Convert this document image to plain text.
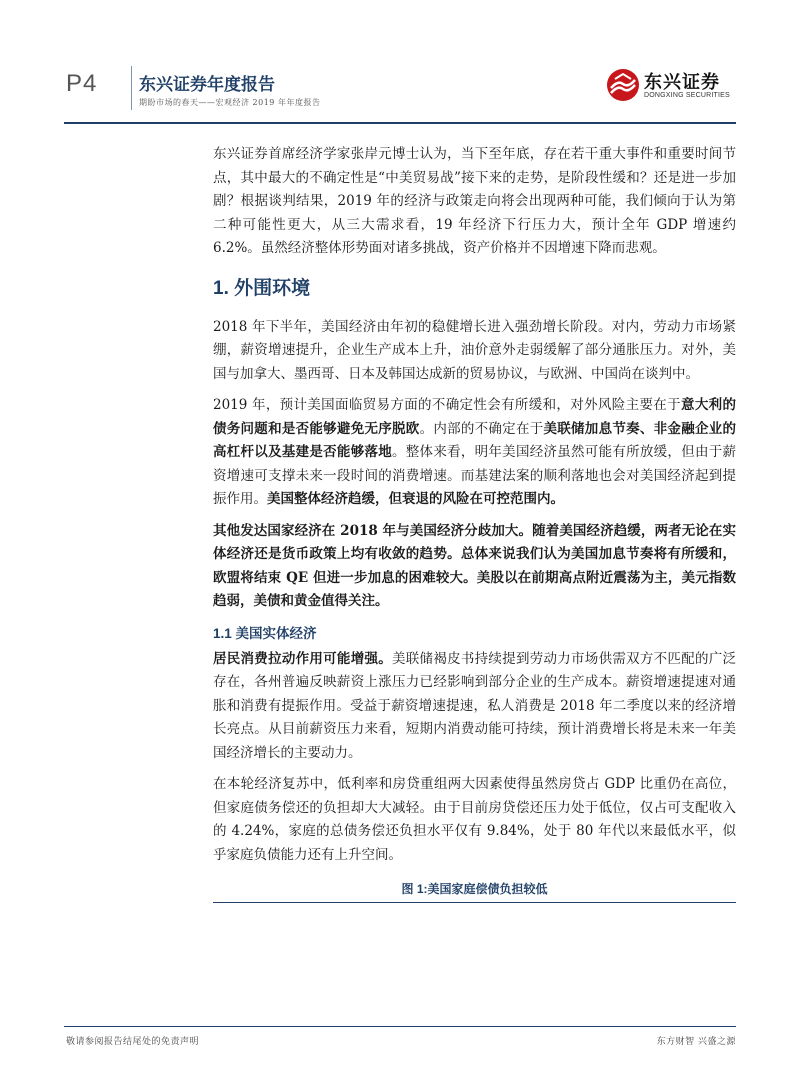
P4 东兴证券年度报告
期盼市场的春天——宏观经济 2019 年年度报告
东兴证券
DONGXING SECURITIES

东兴证券首席经济学家张岸元博士认为，当下至年底，存在若干重大事件和重要时间节点，其中最大的不确定性是“中美贸易战”接下来的走势，是阶段性缓和？还是进一步加剧？根据谈判结果，2019 年的经济与政策走向将会出现两种可能，我们倾向于认为第二种可能性更大，从三大需求看，19 年经济下行压力大，预计全年 GDP 增速约 6.2%。虽然经济整体形势面对诸多挑战，资产价格并不因增速下降而悲观。

1. 外围环境

2018 年下半年，美国经济由年初的稳健增长进入强劲增长阶段。对内，劳动力市场紧绷，薪资增速提升，企业生产成本上升，油价意外走弱缓解了部分通胀压力。对外，美国与加拿大、墨西哥、日本及韩国达成新的贸易协议，与欧洲、中国尚在谈判中。

2019 年，预计美国面临贸易方面的不确定性会有所缓和，对外风险主要在于意大利的债务问题和是否能够避免无序脱欧。内部的不确定在于美联储加息节奏、非金融企业的高杠杆以及基建是否能够落地。整体来看，明年美国经济虽然可能有所放缓，但由于薪资增速可支撑未来一段时间的消费增速。而基建法案的顺利落地也会对美国经济起到提振作用。美国整体经济趋缓，但衰退的风险在可控范围内。

其他发达国家经济在 2018 年与美国经济分歧加大。随着美国经济趋缓，两者无论在实体经济还是货币政策上均有收敛的趋势。总体来说我们认为美国加息节奏将有所缓和，欧盟将结束 QE 但进一步加息的困难较大。美股以在前期高点附近震荡为主，美元指数趋弱，美债和黄金值得关注。

1.1 美国实体经济

居民消费拉动作用可能增强。美联储褐皮书持续提到劳动力市场供需双方不匹配的广泛存在，各州普遍反映薪资上涨压力已经影响到部分企业的生产成本。薪资增速提速对通胀和消费有提振作用。受益于薪资增速提速，私人消费是 2018 年二季度以来的经济增长亮点。从目前薪资压力来看，短期内消费动能可持续，预计消费增长将是未来一年美国经济增长的主要动力。

在本轮经济复苏中，低利率和房贷重组两大因素使得虽然房贷占 GDP 比重仍在高位，但家庭债务偿还的负担却大大减轻。由于目前房贷偿还压力处于低位，仅占可支配收入的 4.24%，家庭的总债务偿还负担水平仅有 9.84%，处于 80 年代以来最低水平，似乎家庭负债能力还有上升空间。

图 1:美国家庭偿债负担较低
敬请参阅报告结尾处的免责声明	东方财智 兴盛之源
